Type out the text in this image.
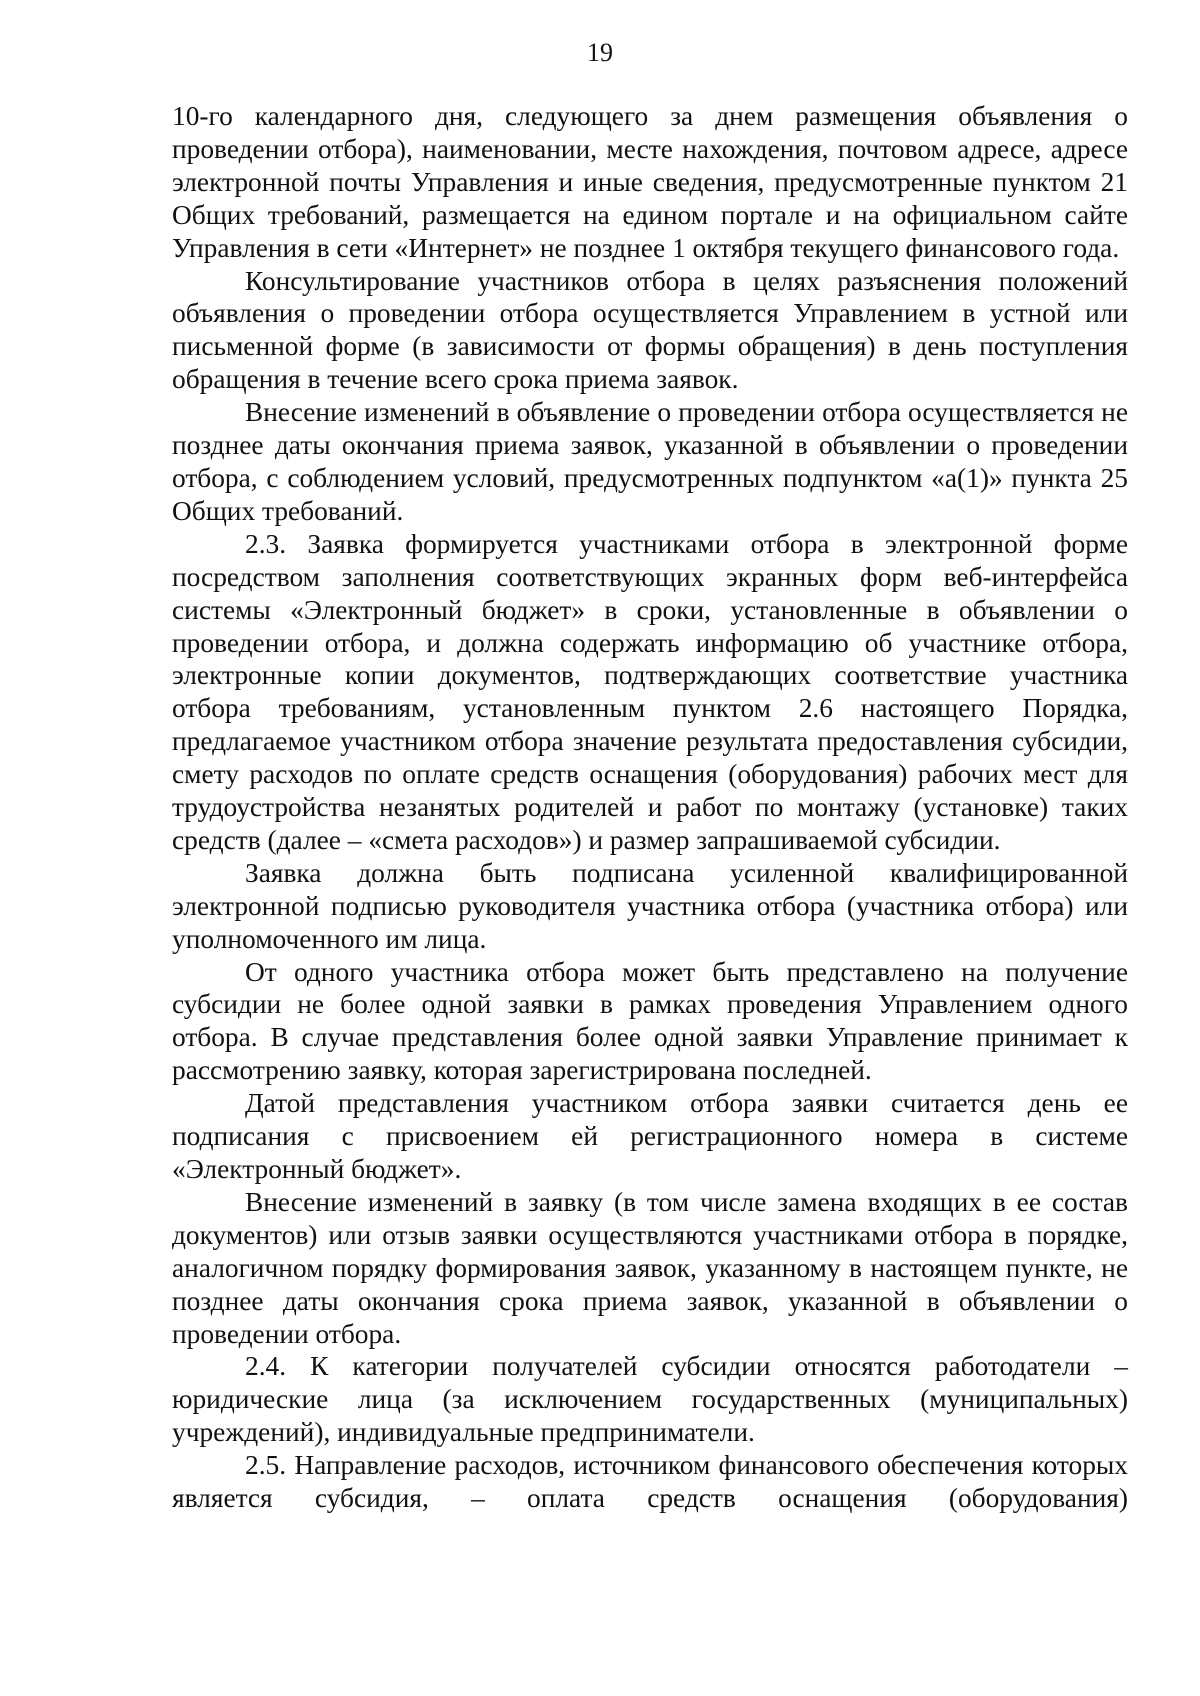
19

10-го календарного дня, следующего за днем размещения объявления о проведении отбора), наименовании, месте нахождения, почтовом адресе, адресе электронной почты Управления и иные сведения, предусмотренные пунктом 21 Общих требований, размещается на едином портале и на официальном сайте Управления в сети «Интернет» не позднее 1 октября текущего финансового года.

Консультирование участников отбора в целях разъяснения положений объявления о проведении отбора осуществляется Управлением в устной или письменной форме (в зависимости от формы обращения) в день поступления обращения в течение всего срока приема заявок.

Внесение изменений в объявление о проведении отбора осуществляется не позднее даты окончания приема заявок, указанной в объявлении о проведении отбора, с соблюдением условий, предусмотренных подпунктом «а(1)» пункта 25 Общих требований.

2.3. Заявка формируется участниками отбора в электронной форме посредством заполнения соответствующих экранных форм веб-интерфейса системы «Электронный бюджет» в сроки, установленные в объявлении о проведении отбора, и должна содержать информацию об участнике отбора, электронные копии документов, подтверждающих соответствие участника отбора требованиям, установленным пунктом 2.6 настоящего Порядка, предлагаемое участником отбора значение результата предоставления субсидии, смету расходов по оплате средств оснащения (оборудования) рабочих мест для трудоустройства незанятых родителей и работ по монтажу (установке) таких средств (далее – «смета расходов») и размер запрашиваемой субсидии.

Заявка должна быть подписана усиленной квалифицированной электронной подписью руководителя участника отбора (участника отбора) или уполномоченного им лица.

От одного участника отбора может быть представлено на получение субсидии не более одной заявки в рамках проведения Управлением одного отбора. В случае представления более одной заявки Управление принимает к рассмотрению заявку, которая зарегистрирована последней.

Датой представления участником отбора заявки считается день ее подписания с присвоением ей регистрационного номера в системе «Электронный бюджет».

Внесение изменений в заявку (в том числе замена входящих в ее состав документов) или отзыв заявки осуществляются участниками отбора в порядке, аналогичном порядку формирования заявок, указанному в настоящем пункте, не позднее даты окончания срока приема заявок, указанной в объявлении о проведении отбора.

2.4. К категории получателей субсидии относятся работодатели – юридические лица (за исключением государственных (муниципальных) учреждений), индивидуальные предприниматели.

2.5. Направление расходов, источником финансового обеспечения которых является субсидия, – оплата средств оснащения (оборудования)
